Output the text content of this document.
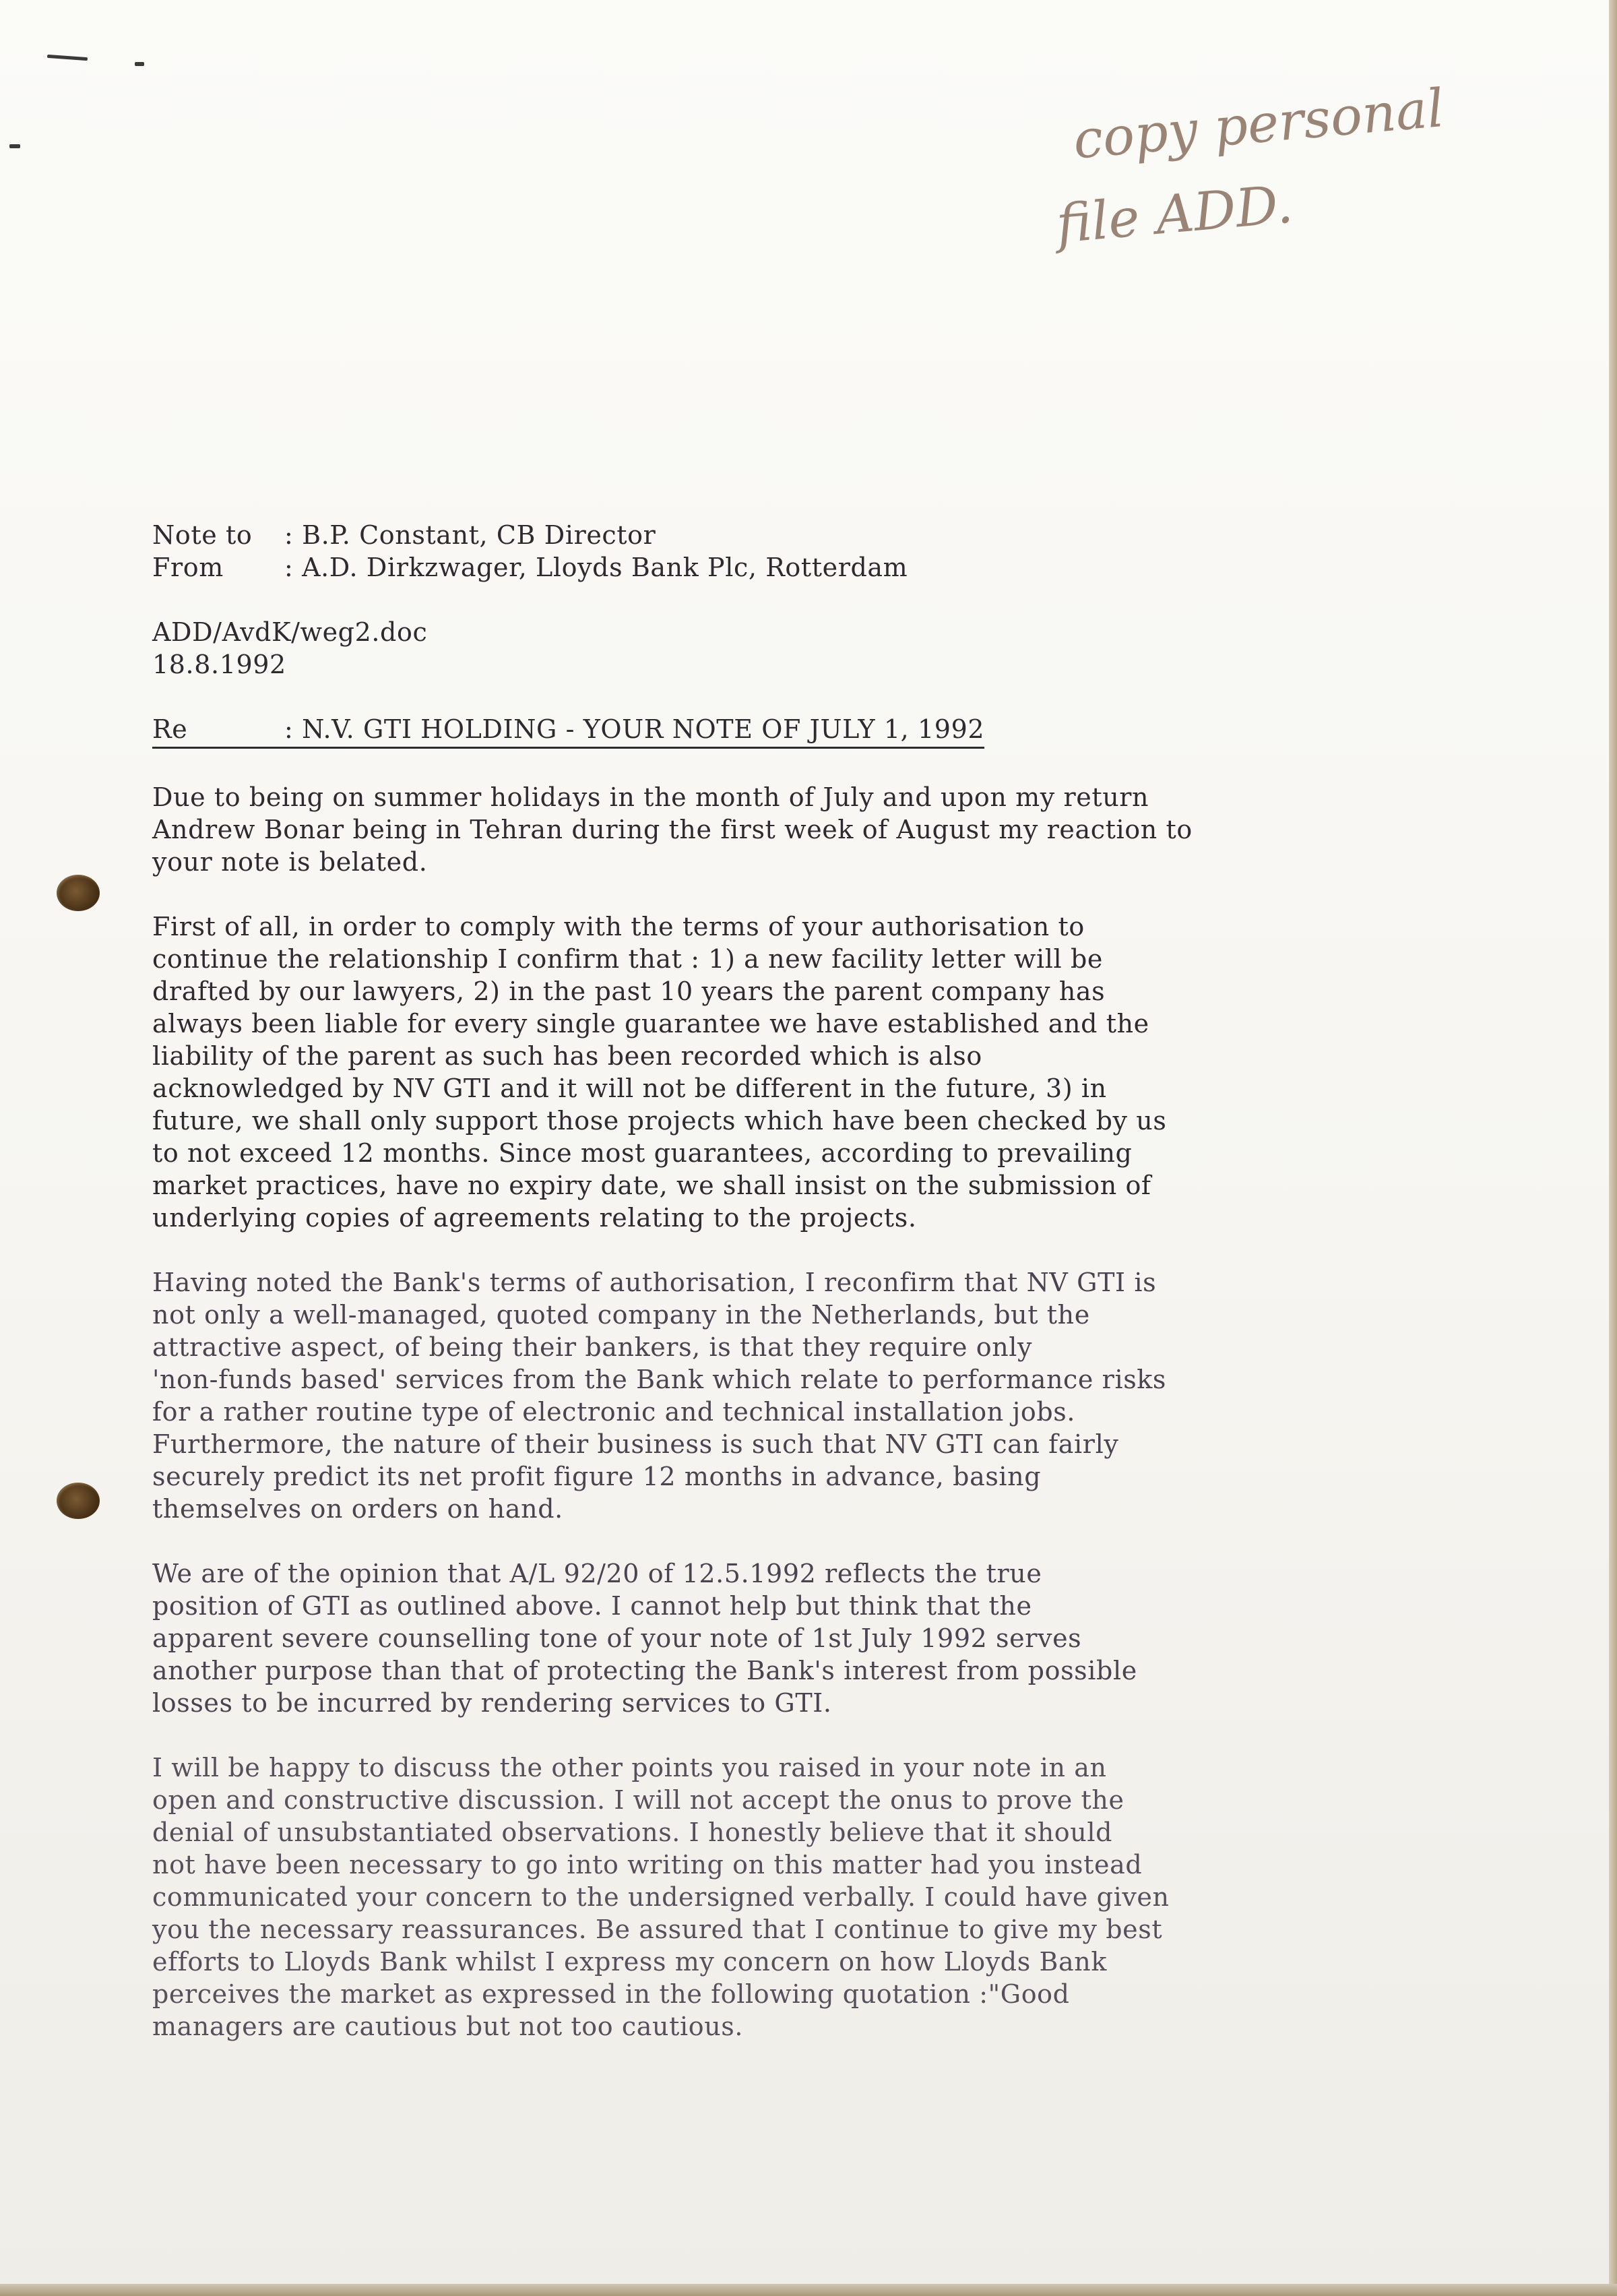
copy personal
file ADD.
Note to	: B.P. Constant, CB Director
From	: A.D. Dirkzwager, Lloyds Bank Plc, Rotterdam
ADD/AvdK/weg2.doc
18.8.1992
Re	: N.V. GTI HOLDING - YOUR NOTE OF JULY 1, 1992

Due to being on summer holidays in the month of July and upon my return
Andrew Bonar being in Tehran during the first week of August my reaction to
your note is belated.

First of all, in order to comply with the terms of your authorisation to
continue the relationship I confirm that : 1) a new facility letter will be
drafted by our lawyers, 2) in the past 10 years the parent company has
always been liable for every single guarantee we have established and the
liability of the parent as such has been recorded which is also
acknowledged by NV GTI and it will not be different in the future, 3) in
future, we shall only support those projects which have been checked by us
to not exceed 12 months. Since most guarantees, according to prevailing
market practices, have no expiry date, we shall insist on the submission of
underlying copies of agreements relating to the projects.

Having noted the Bank's terms of authorisation, I reconfirm that NV GTI is
not only a well-managed, quoted company in the Netherlands, but the
attractive aspect, of being their bankers, is that they require only
'non-funds based' services from the Bank which relate to performance risks
for a rather routine type of electronic and technical installation jobs.
Furthermore, the nature of their business is such that NV GTI can fairly
securely predict its net profit figure 12 months in advance, basing
themselves on orders on hand.

We are of the opinion that A/L 92/20 of 12.5.1992 reflects the true
position of GTI as outlined above. I cannot help but think that the
apparent severe counselling tone of your note of 1st July 1992 serves
another purpose than that of protecting the Bank's interest from possible
losses to be incurred by rendering services to GTI.

I will be happy to discuss the other points you raised in your note in an
open and constructive discussion. I will not accept the onus to prove the
denial of unsubstantiated observations. I honestly believe that it should
not have been necessary to go into writing on this matter had you instead
communicated your concern to the undersigned verbally. I could have given
you the necessary reassurances. Be assured that I continue to give my best
efforts to Lloyds Bank whilst I express my concern on how Lloyds Bank
perceives the market as expressed in the following quotation :"Good
managers are cautious but not too cautious.
